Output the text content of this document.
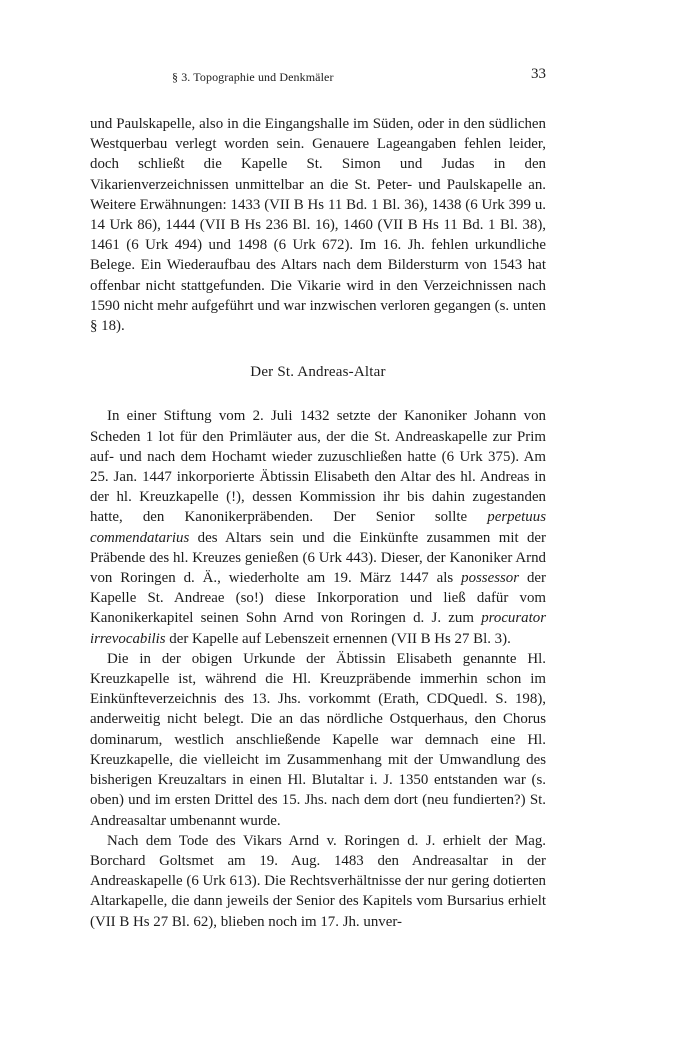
§ 3. Topographie und Denkmäler	33

und Paulskapelle, also in die Eingangshalle im Süden, oder in den südlichen Westquerbau verlegt worden sein. Genauere Lageangaben fehlen leider, doch schließt die Kapelle St. Simon und Judas in den Vikarienverzeichnissen unmittelbar an die St. Peter- und Paulskapelle an. Weitere Erwähnungen: 1433 (VII B Hs 11 Bd. 1 Bl. 36), 1438 (6 Urk 399 u. 14 Urk 86), 1444 (VII B Hs 236 Bl. 16), 1460 (VII B Hs 11 Bd. 1 Bl. 38), 1461 (6 Urk 494) und 1498 (6 Urk 672). Im 16. Jh. fehlen urkundliche Belege. Ein Wiederaufbau des Altars nach dem Bildersturm von 1543 hat offenbar nicht stattgefunden. Die Vikarie wird in den Verzeichnissen nach 1590 nicht mehr aufgeführt und war inzwischen verloren gegangen (s. unten § 18).

Der St. Andreas-Altar

In einer Stiftung vom 2. Juli 1432 setzte der Kanoniker Johann von Scheden 1 lot für den Primläuter aus, der die St. Andreaskapelle zur Prim auf- und nach dem Hochamt wieder zuzuschließen hatte (6 Urk 375). Am 25. Jan. 1447 inkorporierte Äbtissin Elisabeth den Altar des hl. Andreas in der hl. Kreuzkapelle (!), dessen Kommission ihr bis dahin zugestanden hatte, den Kanonikerpräbenden. Der Senior sollte perpetuus commendatarius des Altars sein und die Einkünfte zusammen mit der Präbende des hl. Kreuzes genießen (6 Urk 443). Dieser, der Kanoniker Arnd von Roringen d. Ä., wiederholte am 19. März 1447 als possessor der Kapelle St. Andreae (so!) diese Inkorporation und ließ dafür vom Kanonikerkapitel seinen Sohn Arnd von Roringen d. J. zum procurator irrevocabilis der Kapelle auf Lebenszeit ernennen (VII B Hs 27 Bl. 3).

Die in der obigen Urkunde der Äbtissin Elisabeth genannte Hl. Kreuzkapelle ist, während die Hl. Kreuzpräbende immerhin schon im Einkünfteverzeichnis des 13. Jhs. vorkommt (Erath, CDQuedl. S. 198), anderweitig nicht belegt. Die an das nördliche Ostquerhaus, den Chorus dominarum, westlich anschließende Kapelle war demnach eine Hl. Kreuzkapelle, die vielleicht im Zusammenhang mit der Umwandlung des bisherigen Kreuzaltars in einen Hl. Blutaltar i. J. 1350 entstanden war (s. oben) und im ersten Drittel des 15. Jhs. nach dem dort (neu fundierten?) St. Andreasaltar umbenannt wurde.

Nach dem Tode des Vikars Arnd v. Roringen d. J. erhielt der Mag. Borchard Goltsmet am 19. Aug. 1483 den Andreasaltar in der Andreaskapelle (6 Urk 613). Die Rechtsverhältnisse der nur gering dotierten Altarkapelle, die dann jeweils der Senior des Kapitels vom Bursarius erhielt (VII B Hs 27 Bl. 62), blieben noch im 17. Jh. unver-
